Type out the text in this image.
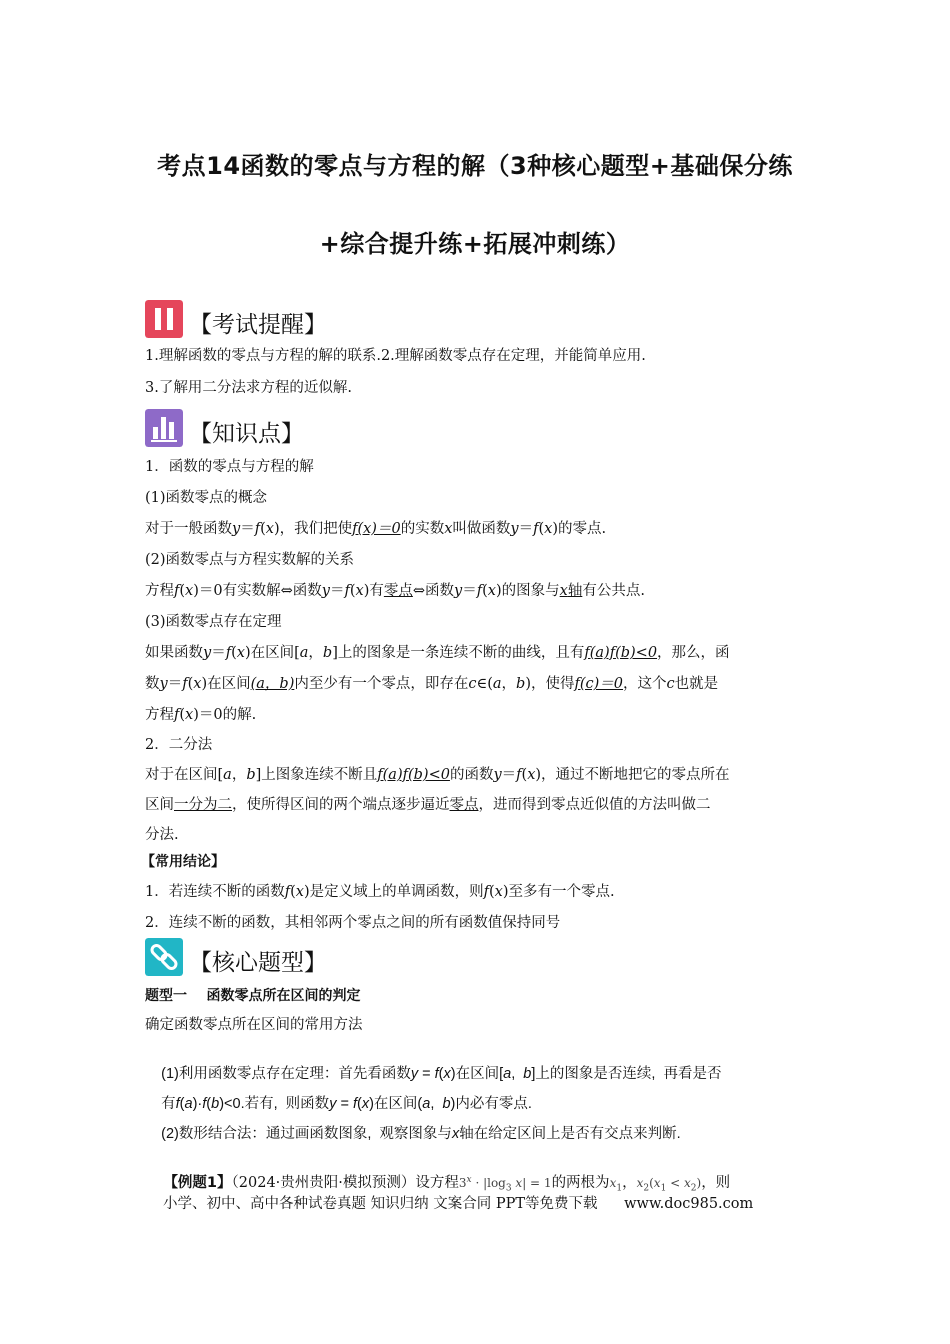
考点14函数的零点与方程的解（3种核心题型+基础保分练
+综合提升练+拓展冲刺练）
【考试提醒】
1.理解函数的零点与方程的解的联系.2.理解函数零点存在定理，并能简单应用.
3.了解用二分法求方程的近似解.
【知识点】
1．函数的零点与方程的解
(1)函数零点的概念
对于一般函数y＝f(x)，我们把使f(x)＝0的实数x叫做函数y＝f(x)的零点.
(2)函数零点与方程实数解的关系
方程f(x)＝0有实数解⇔函数y＝f(x)有零点⇔函数y＝f(x)的图象与x轴有公共点.
(3)函数零点存在定理
如果函数y＝f(x)在区间[a，b]上的图象是一条连续不断的曲线，且有f(a)f(b)<0，那么，函
数y＝f(x)在区间(a，b)内至少有一个零点，即存在c∈(a，b)，使得f(c)＝0，这个c也就是
方程f(x)＝0的解.
2．二分法
对于在区间[a，b]上图象连续不断且f(a)f(b)<0的函数y＝f(x)，通过不断地把它的零点所在
区间一分为二，使所得区间的两个端点逐步逼近零点，进而得到零点近似值的方法叫做二
分法.
【常用结论】
1．若连续不断的函数f(x)是定义域上的单调函数，则f(x)至多有一个零点.
2．连续不断的函数，其相邻两个零点之间的所有函数值保持同号
【核心题型】
题型一    函数零点所在区间的判定
确定函数零点所在区间的常用方法

(1)利用函数零点存在定理：首先看函数y = f(x)在区间[a,  b]上的图象是否连续,  再看是否

有f(a)·f(b)<0.若有,  则函数y = f(x)在区间(a,  b)内必有零点.

(2)数形结合法：通过画函数图象,  观察图象与x轴在给定区间上是否有交点来判断.

【例题1】（2024·贵州贵阳·模拟预测）设方程$3^x \cdot |\log_3$ x| = 1的两根为$x_1$，$x_2(x_1 < x_2)$，则

小学、初中、高中各种试卷真题 知识归纳 文案合同 PPT等免费下载 www.doc985.com
